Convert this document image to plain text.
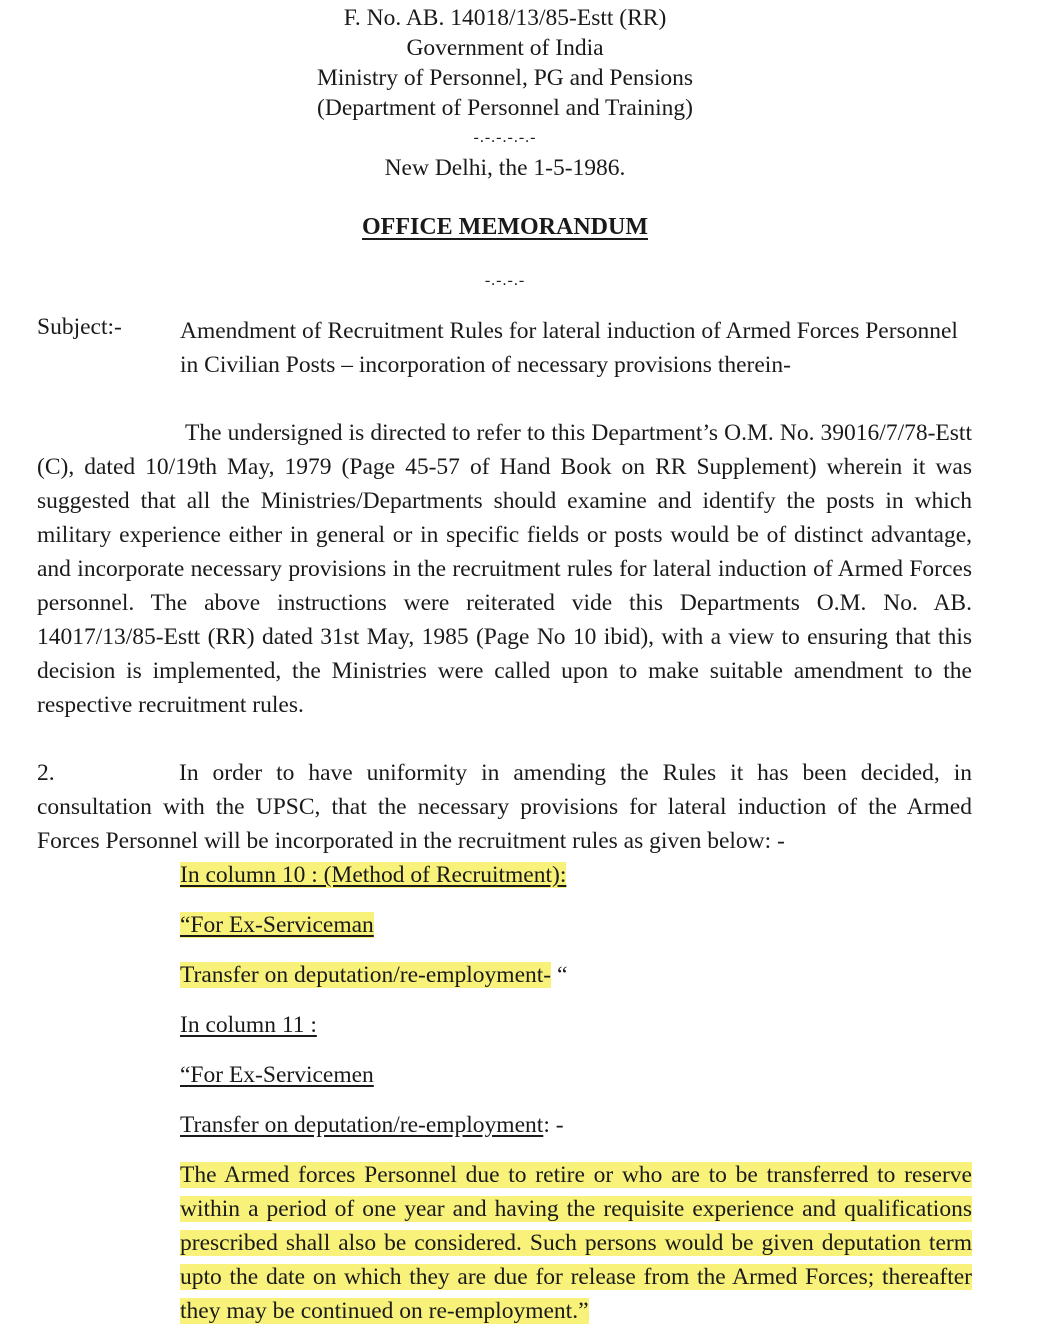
F. No. AB. 14018/13/85-Estt (RR)
Government of India
Ministry of Personnel, PG and Pensions
(Department of Personnel and Training)
-.-.-.-.-.-
New Delhi, the 1-5-1986.
OFFICE MEMORANDUM
-.-.-.-
Subject:- Amendment of Recruitment Rules for lateral induction of Armed Forces Personnel in Civilian Posts – incorporation of necessary provisions therein-

The undersigned is directed to refer to this Department’s O.M. No. 39016/7/78-Estt (C), dated 10/19th May, 1979 (Page 45-57 of Hand Book on RR Supplement) wherein it was suggested that all the Ministries/Departments should examine and identify the posts in which military experience either in general or in specific fields or posts would be of distinct advantage, and incorporate necessary provisions in the recruitment rules for lateral induction of Armed Forces personnel. The above instructions were reiterated vide this Departments O.M. No. AB. 14017/13/85-Estt (RR) dated 31st May, 1985 (Page No 10 ibid), with a view to ensuring that this decision is implemented, the Ministries were called upon to make suitable amendment to the respective recruitment rules.

2.	In order to have uniformity in amending the Rules it has been decided, in consultation with the UPSC, that the necessary provisions for lateral induction of the Armed Forces Personnel will be incorporated in the recruitment rules as given below: -

In column 10 : (Method of Recruitment):
“For Ex-Serviceman
Transfer on deputation/re-employment- “
In column 11 :
“For Ex-Servicemen
Transfer on deputation/re-employment: -
The Armed forces Personnel due to retire or who are to be transferred to reserve within a period of one year and having the requisite experience and qualifications prescribed shall also be considered. Such persons would be given deputation term upto the date on which they are due for release from the Armed Forces; thereafter they may be continued on re-employment.”
